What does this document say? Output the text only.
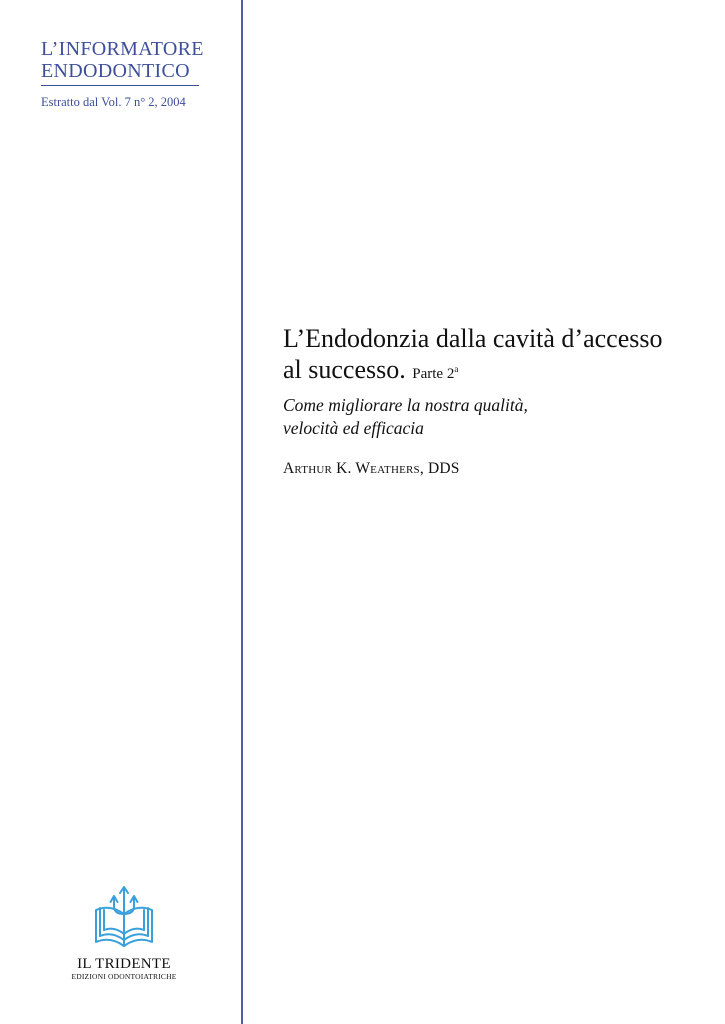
L’INFORMATORE
ENDODONTICO
Estratto dal Vol. 7 n° 2, 2004
L’Endodonzia dalla cavità d’accesso
al successo. Parte 2$^a$
Come migliorare la nostra qualità,
velocità ed efficacia
Arthur K. Weathers, DDS
IL TRIDENTE
EDIZIONI ODONTOIATRICHE
